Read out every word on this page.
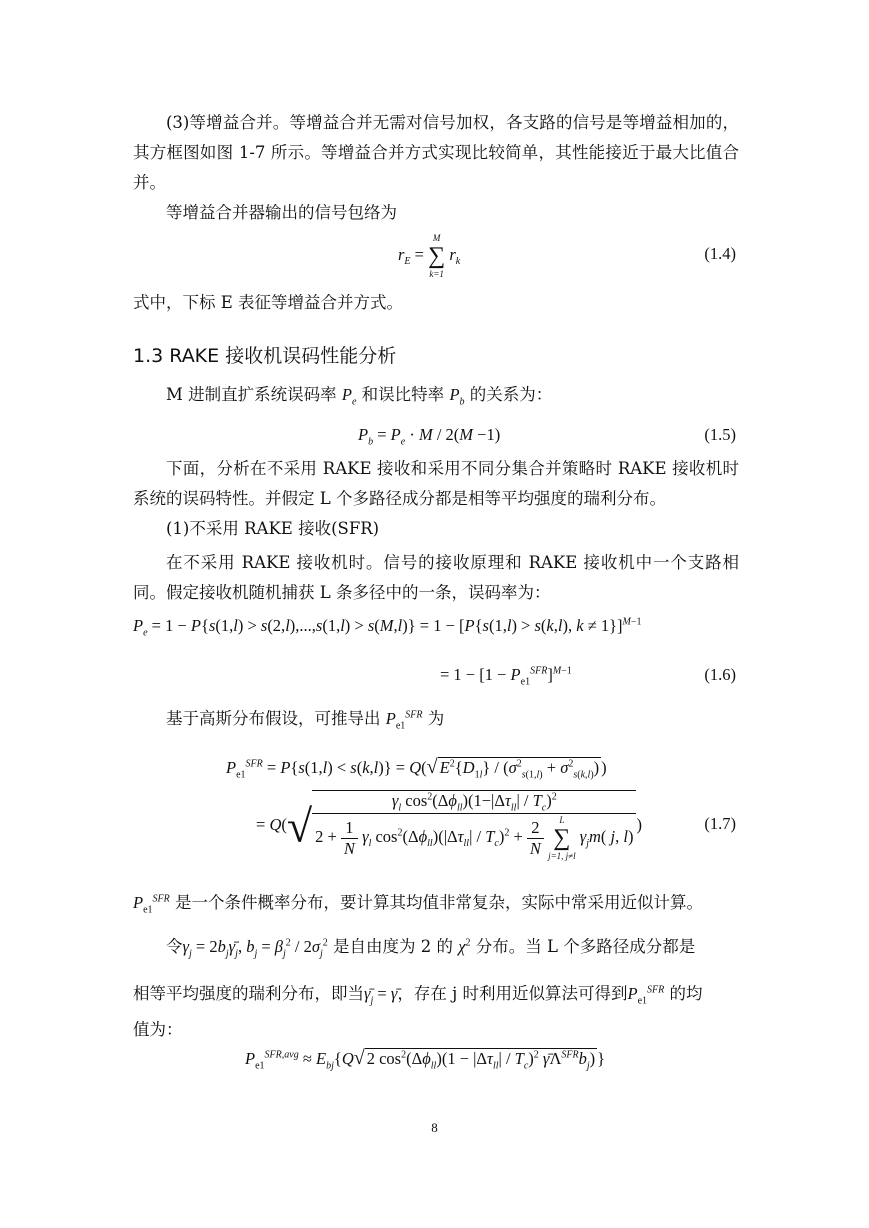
(3)等增益合并。等增益合并无需对信号加权，各支路的信号是等增益相加的，其方框图如图 1-7 所示。等增益合并方式实现比较简单，其性能接近于最大比值合并。
等增益合并器输出的信号包络为
$r_E$ =
M
∑
k=1
$r_k$	(1.4)
式中，下标 E 表征等增益合并方式。
1.3 RAKE 接收机误码性能分析
M 进制直扩系统误码率 $P_e$ 和误比特率 $P_b$ 的关系为：
$P_b = P_e \cdot M / 2(M -1)$	(1.5)
下面，分析在不采用 RAKE 接收和采用不同分集合并策略时 RAKE 接收机时系统的误码特性。并假定 L 个多路径成分都是相等平均强度的瑞利分布。
(1)不采用 RAKE 接收(SFR)
在不采用 RAKE 接收机时。信号的接收原理和 RAKE 接收机中一个支路相同。假定接收机随机捕获 L 条多径中的一条，误码率为：
$P_e = 1 - P\{s(1,l) > s(2,l),...,s(1,l) > s(M,l)\} = 1 - [P\{s(1,l) > s(k,l)$, k ≠ 1}]$^{M-1}$
= $1 - [1 - P_{e1}^{SFR}]^{M-1}$	(1.6)
基于高斯分布假设，可推导出 $P_{e1}^{SFR}$ 为
$P_{e1}^{SFR} = P\{s(1,l) < s(k,l)\} = Q(√$ $E^2\{D_{1l}\} / (\sigma^2_{s(1,l)} + \sigma^2_{s(k,l)})$ )
= Q(√
$\gamma_l$ $\cos^2(\Delta\phi_{ll})(1-|\Delta\tau_{ll}| / T_c)^2$
$2 + \frac{1}{N} \gamma_l$ $\cos^2(\Delta\phi_{ll})(|\Delta\tau_{ll}| / T_c)^2 + \frac{2}{N}$
	L
∑
j=1, j≠l
$\gamma_jm$( j, l)
)	(1.7)
$P_{e1}^{SFR}$ 是一个条件概率分布，要计算其均值非常复杂，实际中常采用近似计算。
令$\gamma_j$ = $2b_j\gammā_j$, $b_j = \beta_j^2 / 2\sigma_j^2$ 是自由度为 2 的 $\chi^2$ 分布。当 L 个多路径成分都是
相等平均强度的瑞利分布，即当$\gammā_j$ = γ̄，存在 j 时利用近似算法可得到$P_{e1}^{SFR}$ 的均
值为：
$P_{e1}^{SFR,avg} \approx E_{bj}\{Q√$ 2 $\cos^2(\Delta\phi_{ll})(1 - |\Delta\tau_{ll}| / T_c)^2$ $\gammā\Lambda^{SFR}b_j$) }
8
